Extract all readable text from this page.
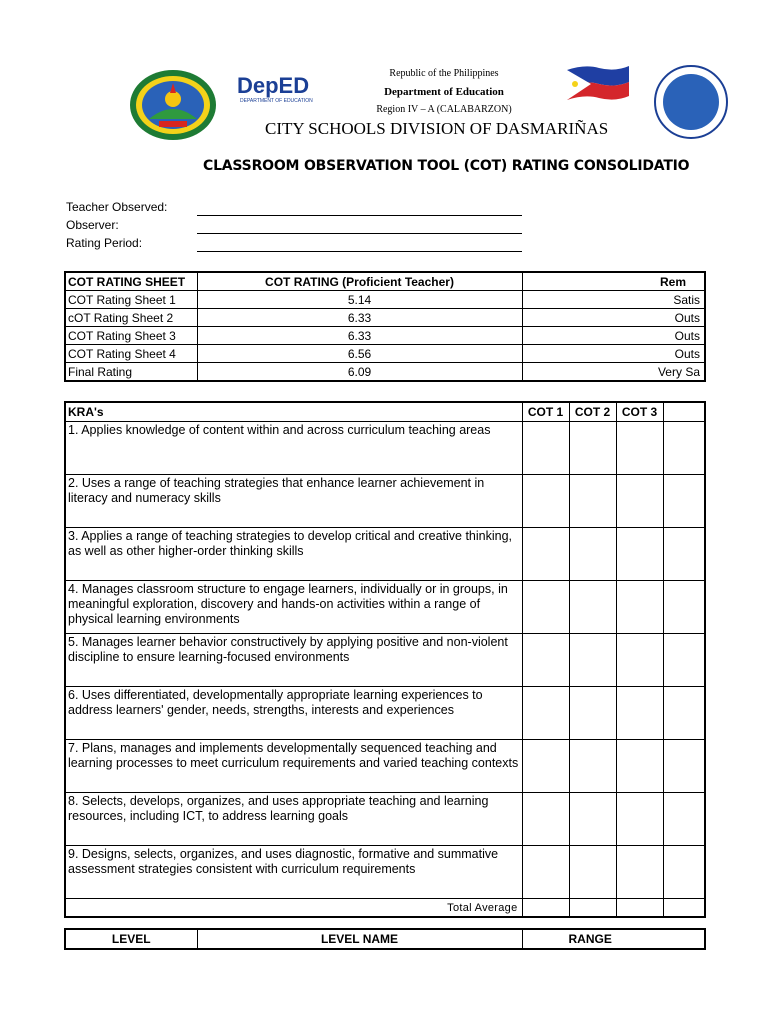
DepED
DEPARTMENT OF EDUCATION
Republic of the Philippines
Department of Education
Region IV – A (CALABARZON)
CITY SCHOOLS DIVISION OF DASMARIÑAS
CLASSROOM OBSERVATION TOOL (COT) RATING CONSOLIDATIO
Teacher Observed:
Observer:
Rating Period:
COT RATING SHEET	COT RATING (Proficient Teacher)	Rem
COT Rating Sheet 1	5.14	Satis
cOT Rating Sheet 2	6.33	Outs
COT Rating Sheet 3	6.33	Outs
COT Rating Sheet 4	6.56	Outs
Final Rating	6.09	Very Sa
KRA's	COT 1	COT 2	COT 3	

1. Applies knowledge of content within and across curriculum teaching areas				

2. Uses a range of teaching strategies that enhance learner achievement in literacy and numeracy skills				

3. Applies a range of teaching strategies to develop critical and creative thinking, as well as other higher-order thinking skills				

4. Manages classroom structure to engage learners, individually or in groups, in meaningful exploration, discovery and hands-on activities within a range of physical learning environments				

5. Manages learner behavior constructively by applying positive and non-violent discipline to ensure learning-focused environments				

6. Uses differentiated, developmentally appropriate learning experiences to address learners' gender, needs, strengths, interests and experiences				

7. Plans, manages and implements developmentally sequenced teaching and learning processes to meet curriculum requirements and varied teaching contexts				

8. Selects, develops, organizes, and uses appropriate teaching and learning resources, including ICT, to address learning goals				

9. Designs, selects, organizes, and uses diagnostic, formative and summative assessment strategies consistent with curriculum requirements				

Total Average				
LEVEL	LEVEL NAME	RANGE
